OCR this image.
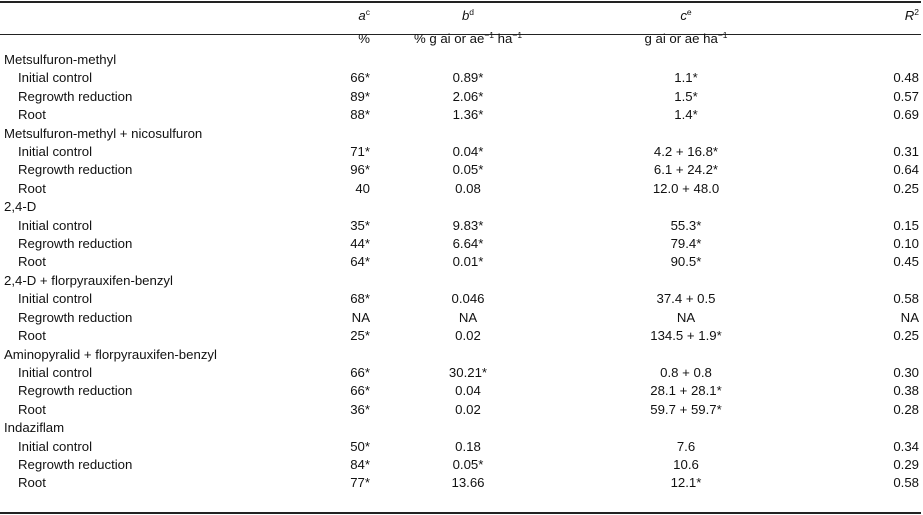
	$a^c$	$b^d$	$c^e$	$R^2$
	%	% g ai or $ae^{-1}$ $ha^{-1}$	g ai or ae $ha^{-1}$	
Metsulfuron-methyl				
Initial control	66*	0.89*	1.1*	0.48
Regrowth reduction	89*	2.06*	1.5*	0.57
Root	88*	1.36*	1.4*	0.69
Metsulfuron-methyl + nicosulfuron				
Initial control	71*	0.04*	4.2 + 16.8*	0.31
Regrowth reduction	96*	0.05*	6.1 + 24.2*	0.64
Root	40	0.08	12.0 + 48.0	0.25
2,4-D				
Initial control	35*	9.83*	55.3*	0.15
Regrowth reduction	44*	6.64*	79.4*	0.10
Root	64*	0.01*	90.5*	0.45
2,4-D + florpyrauxifen-benzyl				
Initial control	68*	0.046	37.4 + 0.5	0.58
Regrowth reduction	NA	NA	NA	NA
Root	25*	0.02	134.5 + 1.9*	0.25
Aminopyralid + florpyrauxifen-benzyl				
Initial control	66*	30.21*	0.8 + 0.8	0.30
Regrowth reduction	66*	0.04	28.1 + 28.1*	0.38
Root	36*	0.02	59.7 + 59.7*	0.28
Indaziflam				
Initial control	50*	0.18	7.6	0.34
Regrowth reduction	84*	0.05*	10.6	0.29
Root	77*	13.66	12.1*	0.58
